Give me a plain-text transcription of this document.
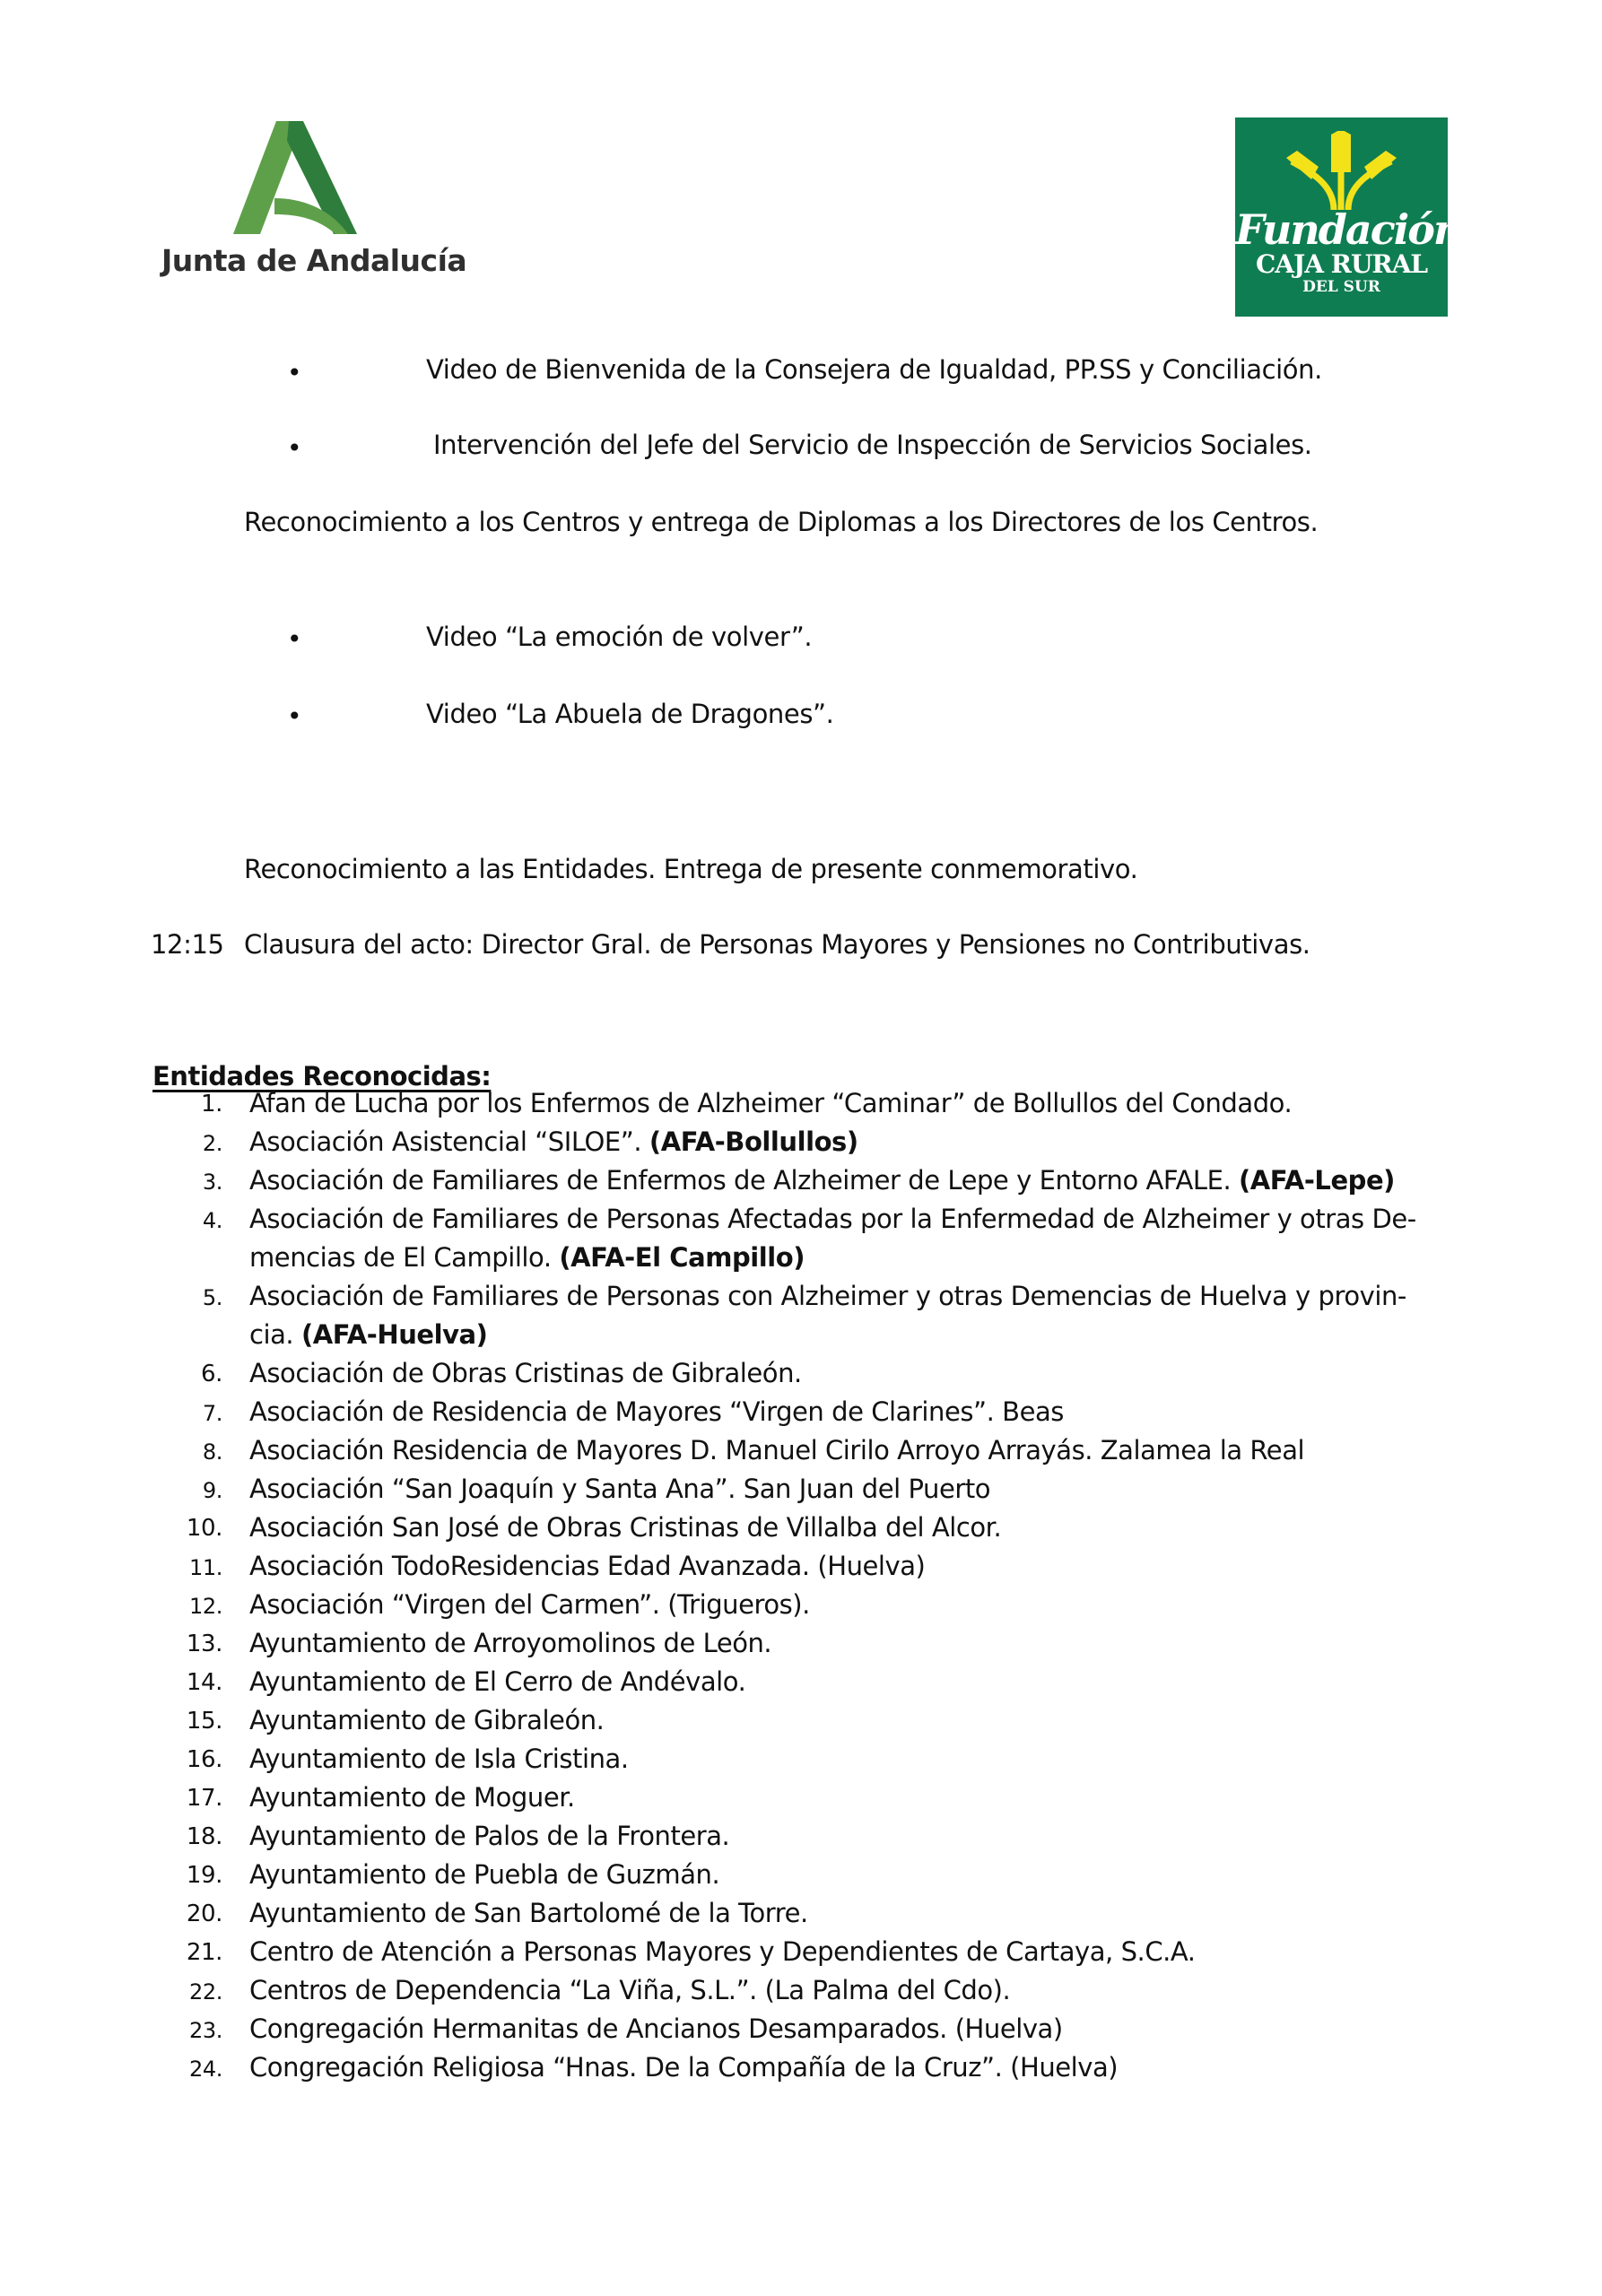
Junta de Andalucía
Fundación
CAJA RURAL
DEL SUR
•	Video de Bienvenida de la Consejera de Igualdad, PP.SS y Conciliación.
•	Intervención del Jefe del Servicio de Inspección de Servicios Sociales.
Reconocimiento a los Centros y entrega de Diplomas a los Directores de los Centros.
•	Video “La emoción de volver”.
•	Video “La Abuela de Dragones”.
Reconocimiento a las Entidades. Entrega de presente conmemorativo.
12:15 Clausura del acto: Director Gral. de Personas Mayores y Pensiones no Contributivas.
Entidades Reconocidas:
1. Afan de Lucha por los Enfermos de Alzheimer “Caminar” de Bollullos del Condado.
2. Asociación Asistencial “SILOE”. (AFA-Bollullos)
3. Asociación de Familiares de Enfermos de Alzheimer de Lepe y Entorno AFALE. (AFA-Lepe)
4. Asociación de Familiares de Personas Afectadas por la Enfermedad de Alzheimer y otras De-
mencias de El Campillo. (AFA-El Campillo)
5. Asociación de Familiares de Personas con Alzheimer y otras Demencias de Huelva y provin-
cia. (AFA-Huelva)
6. Asociación de Obras Cristinas de Gibraleón.
7. Asociación de Residencia de Mayores “Virgen de Clarines”. Beas
8. Asociación Residencia de Mayores D. Manuel Cirilo Arroyo Arrayás. Zalamea la Real
9. Asociación “San Joaquín y Santa Ana”. San Juan del Puerto
10. Asociación San José de Obras Cristinas de Villalba del Alcor.
11. Asociación TodoResidencias Edad Avanzada. (Huelva)
12. Asociación “Virgen del Carmen”. (Trigueros).
13. Ayuntamiento de Arroyomolinos de León.
14. Ayuntamiento de El Cerro de Andévalo.
15. Ayuntamiento de Gibraleón.
16. Ayuntamiento de Isla Cristina.
17. Ayuntamiento de Moguer.
18. Ayuntamiento de Palos de la Frontera.
19. Ayuntamiento de Puebla de Guzmán.
20. Ayuntamiento de San Bartolomé de la Torre.
21. Centro de Atención a Personas Mayores y Dependientes de Cartaya, S.C.A.
22. Centros de Dependencia “La Viña, S.L.”. (La Palma del Cdo).
23. Congregación Hermanitas de Ancianos Desamparados. (Huelva)
24. Congregación Religiosa “Hnas. De la Compañía de la Cruz”. (Huelva)
